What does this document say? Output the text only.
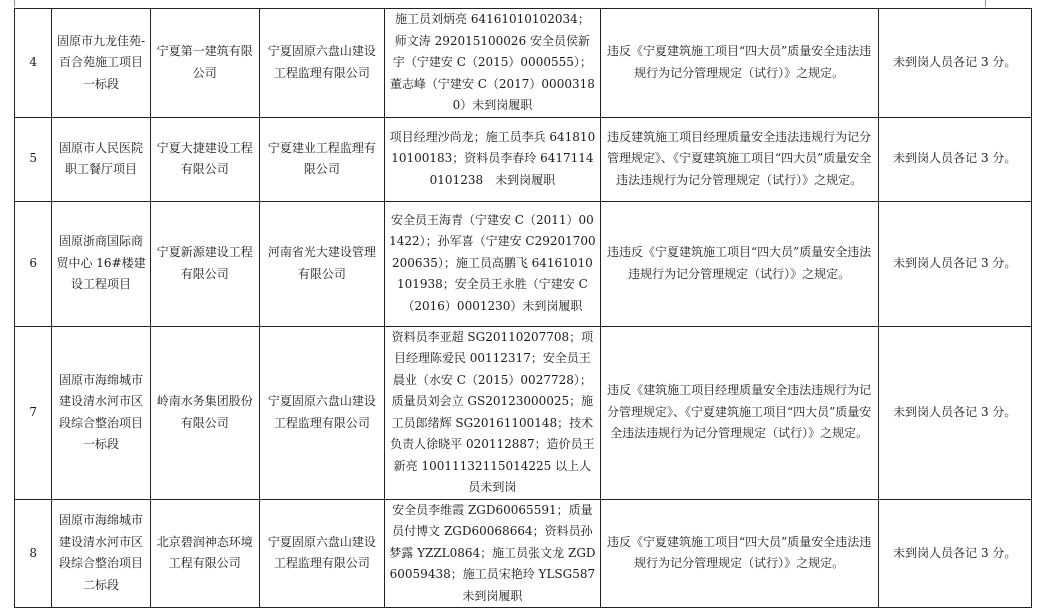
4	固原市九龙佳苑-百合苑施工项目一标段	宁夏第一建筑有限公司	宁夏固原六盘山建设工程监理有限公司	施工员刘炳亮 64161010102034；师文涛 292015100026 安全员侯新宇（宁建安 C（2015）0000555）；董志峰（宁建安 C（2017）00003180）未到岗履职	违反《宁夏建筑施工项目“四大员”质量安全违法违规行为记分管理规定（试行）》之规定。	未到岗人员各记 3 分。
5	固原市人民医院职工餐厅项目	宁夏大捷建设工程有限公司	宁夏建业工程监理有限公司	项目经理沙尚龙；施工员李兵 64181010100183；资料员李春玲 64171140101238　未到岗履职	违反建筑施工项目经理质量安全违法违规行为记分管理规定》、《宁夏建筑施工项目“四大员”质量安全违法违规行为记分管理规定（试行）》之规定。	未到岗人员各记 3 分。
6	固原浙商国际商贸中心 16#楼建设工程项目	宁夏新源建设工程有限公司	河南省光大建设管理有限公司	安全员王海青（宁建安 C（2011）001422）；孙军喜（宁建安 C29201700200635）；施工员高鹏飞 64161010101938；安全员王永胜（宁建安 C（2016）0001230）未到岗履职	违违反《宁夏建筑施工项目“四大员”质量安全违法违规行为记分管理规定（试行）》之规定。	未到岗人员各记 3 分。
7	固原市海绵城市建设清水河市区段综合整治项目一标段	岭南水务集团股份有限公司	宁夏固原六盘山建设工程监理有限公司	资料员李亚超 SG20110207708；项目经理陈爱民 00112317；安全员王晨业（水安 C（2015）0027728）；质量员刘会立 GS20123000025；施工员郎绪辉 SG20161100148；技术负责人徐晓平 020112887；造价员王新亮 10011132115014225 以上人员未到岗	违反《建筑施工项目经理质量安全违法违规行为记分管理规定》、《宁夏建筑施工项目“四大员”质量安全违法违规行为记分管理规定（试行）》之规定。	未到岗人员各记 3 分。
8	固原市海绵城市建设清水河市区段综合整治项目二标段	北京碧润神态环境工程有限公司	宁夏固原六盘山建设工程监理有限公司	安全员李维霞 ZGD60065591；质量员付博文 ZGD60068664；资料员孙梦露 YZZL0864；施工员张文龙 ZGD60059438；施工员宋艳玲 YLSG587 未到岗履职	违反《宁夏建筑施工项目“四大员”质量安全违法违规行为记分管理规定（试行）》之规定。	未到岗人员各记 3 分。
